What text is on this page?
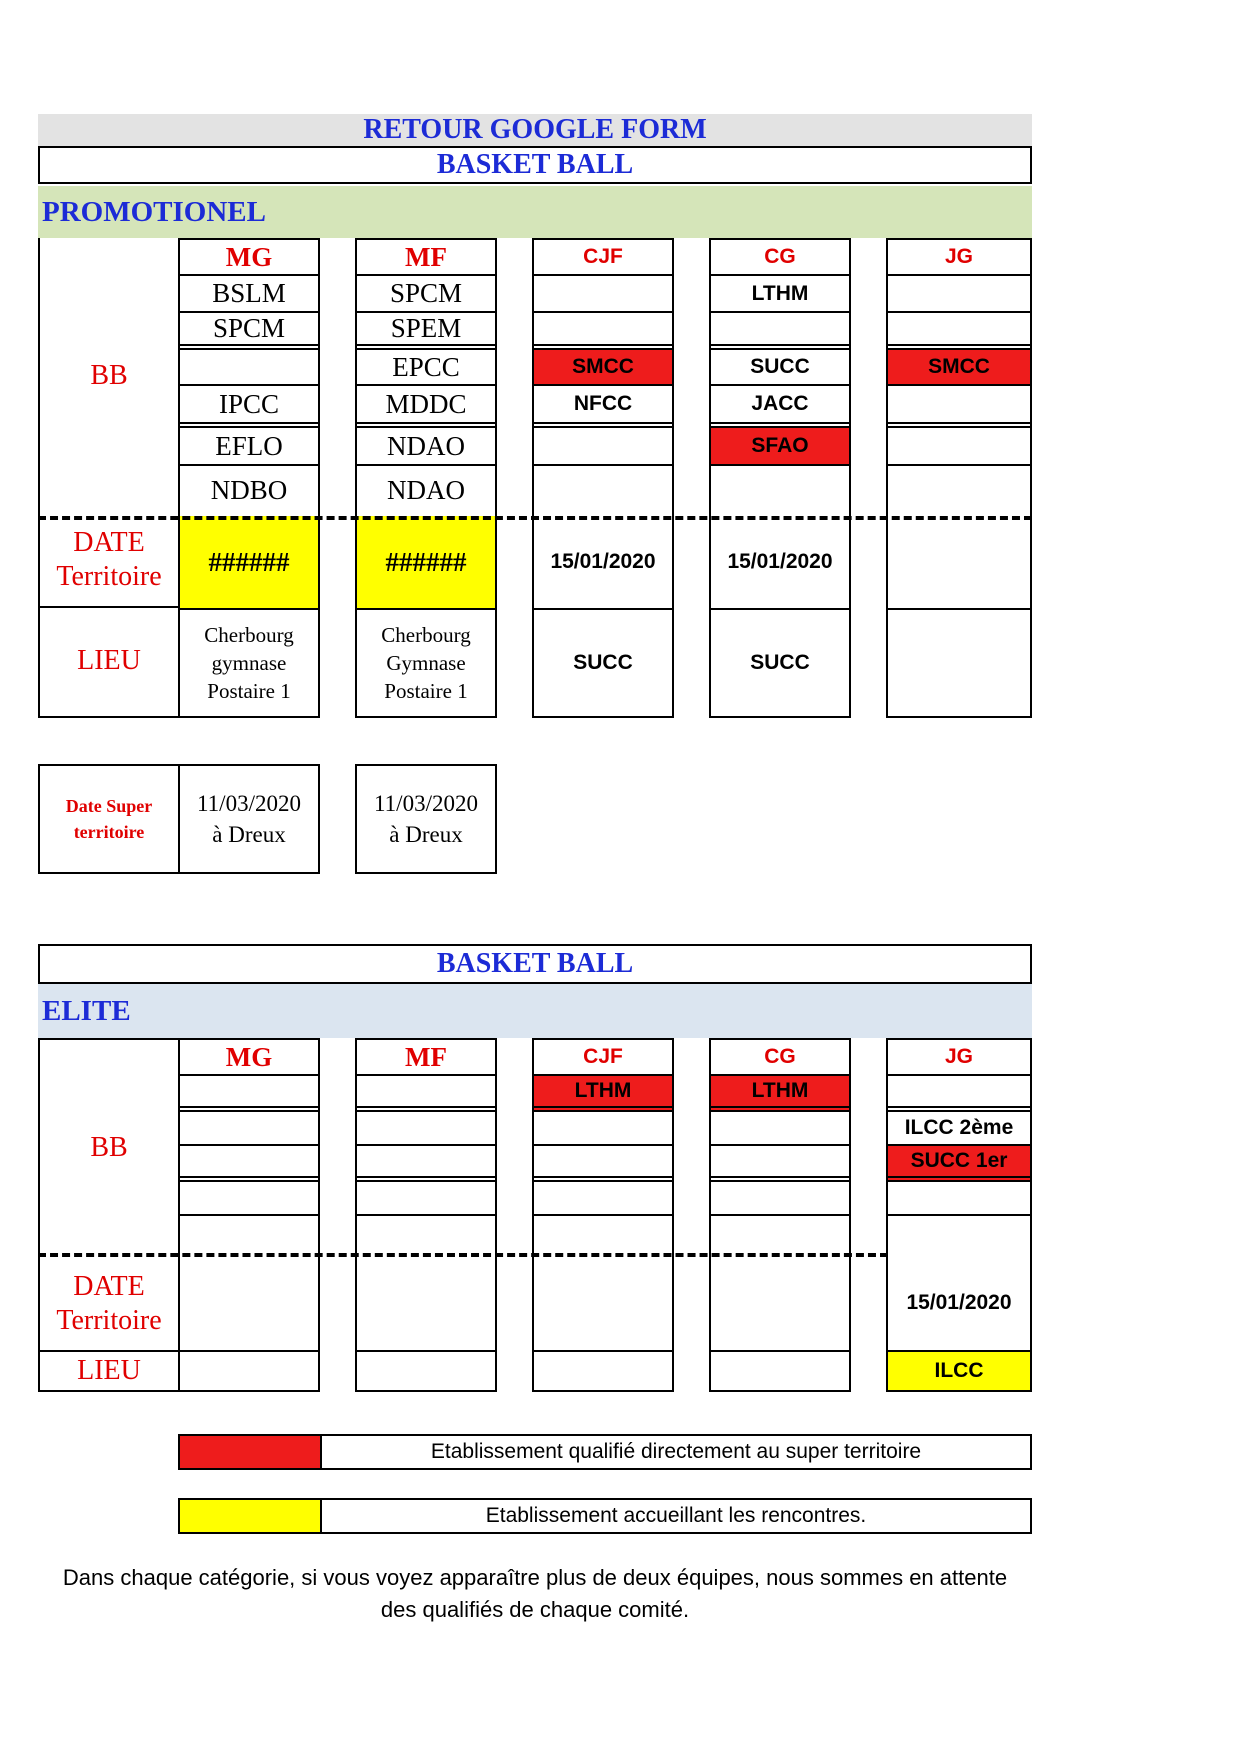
RETOUR GOOGLE FORM
BASKET BALL
PROMOTIONEL
BB
DATE
Territoire
LIEU
MG
BSLM
SPCM
IPCC
EFLO
NDBO
######
Cherbourg
gymnase
Postaire 1
MF
SPCM
SPEM
EPCC
MDDC
NDAO
NDAO
######
Cherbourg
Gymnase
Postaire 1
CJF
SMCC
NFCC
15/01/2020
SUCC
CG
LTHM
SUCC
JACC
SFAO
15/01/2020
SUCC
JG
SMCC
Date Super
territoire
11/03/2020
à Dreux
11/03/2020
à Dreux
BASKET BALL
ELITE
BB
DATE
Territoire
LIEU
MG	MF	CJF
LTHM
CG
LTHM
JG
ILCC 2ème
SUCC 1er
15/01/2020
ILCC
Etablissement qualifié directement au super territoire
Etablissement accueillant les rencontres.
Dans chaque catégorie, si vous voyez apparaître plus de deux équipes, nous sommes en attente
des qualifiés de chaque comité.
